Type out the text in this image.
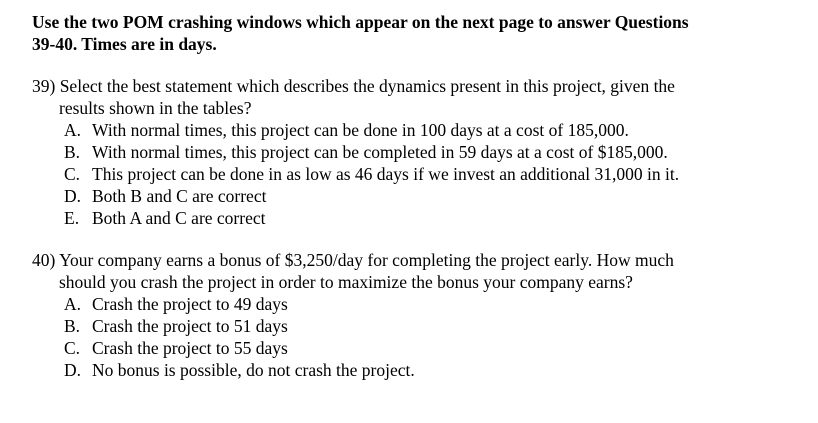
Use the two POM crashing windows which appear on the next page to answer Questions
39-40. Times are in days.

39) Select the best statement which describes the dynamics present in this project, given the
results shown in the tables?

A. With normal times, this project can be done in 100 days at a cost of 185,000.
B. With normal times, this project can be completed in 59 days at a cost of $185,000.
C. This project can be done in as low as 46 days if we invest an additional 31,000 in it.
D. Both B and C are correct
E. Both A and C are correct

40) Your company earns a bonus of $3,250/day for completing the project early. How much
should you crash the project in order to maximize the bonus your company earns?

A. Crash the project to 49 days
B. Crash the project to 51 days
C. Crash the project to 55 days
D. No bonus is possible, do not crash the project.
